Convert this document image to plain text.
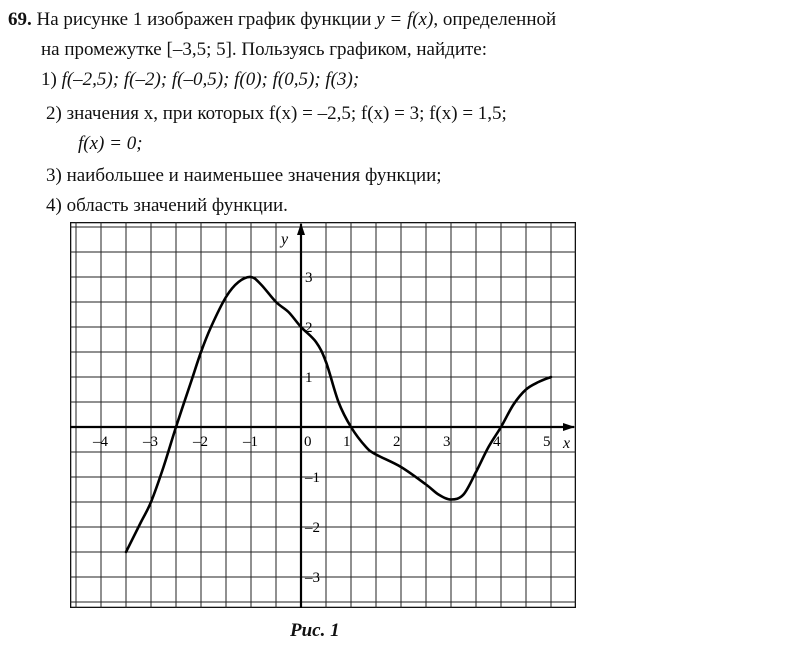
69. На рисунке 1 изображен график функции y = f(x), определенной
на промежутке [–3,5; 5]. Пользуясь графиком, найдите:
1) f(–2,5); f(–2); f(–0,5); f(0); f(0,5); f(3);
2) значения x, при которых f(x) = –2,5; f(x) = 3; f(x) = 1,5;
f(x) = 0;
3) наибольшее и наименьшее значения функции;
4) область значений функции.
–4 –3 –2 –1	0 1	2	3	4	5
3
2
1
–1
–2
–3
x
y
Рис. 1
